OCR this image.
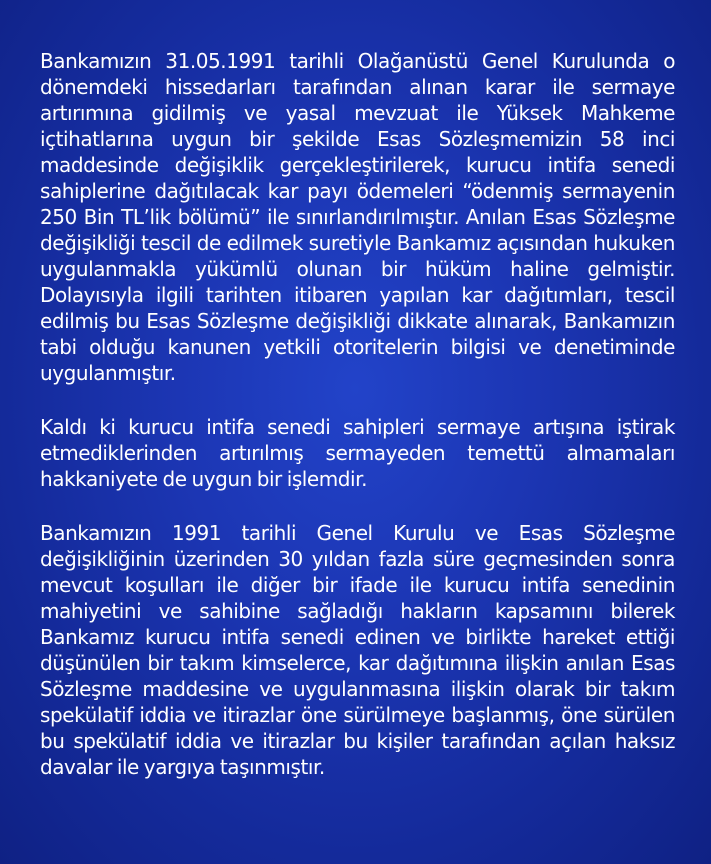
Bankamızın 31.05.1991 tarihli Olağanüstü Genel Kurulunda o dönemdeki hissedarları tarafından alınan karar ile sermaye artırımına gidilmiş ve yasal mevzuat ile Yüksek Mahkeme içtihatlarına uygun bir şekilde Esas Sözleşmemizin 58 inci maddesinde değişiklik gerçekleştirilerek, kurucu intifa senedi sahiplerine dağıtılacak kar payı ödemeleri “ödenmiş sermayenin 250 Bin TL’lik bölümü” ile sınırlandırılmıştır. Anılan Esas Sözleşme değişikliği tescil de edilmek suretiyle Bankamız açısından hukuken uygulanmakla yükümlü olunan bir hüküm haline gelmiştir. Dolayısıyla ilgili tarihten itibaren yapılan kar dağıtımları, tescil edilmiş bu Esas Sözleşme değişikliği dikkate alınarak, Bankamızın tabi olduğu kanunen yetkili otoritelerin bilgisi ve denetiminde uygulanmıştır.

Kaldı ki kurucu intifa senedi sahipleri sermaye artışına iştirak etmediklerinden artırılmış sermayeden temettü almamaları hakkaniyete de uygun bir işlemdir.

Bankamızın 1991 tarihli Genel Kurulu ve Esas Sözleşme değişikliğinin üzerinden 30 yıldan fazla süre geçmesinden sonra mevcut koşulları ile diğer bir ifade ile kurucu intifa senedinin mahiyetini ve sahibine sağladığı hakların kapsamını bilerek Bankamız kurucu intifa senedi edinen ve birlikte hareket ettiği düşünülen bir takım kimselerce, kar dağıtımına ilişkin anılan Esas Sözleşme maddesine ve uygulanmasına ilişkin olarak bir takım spekülatif iddia ve itirazlar öne sürülmeye başlanmış, öne sürülen bu spekülatif iddia ve itirazlar bu kişiler tarafından açılan haksız davalar ile yargıya taşınmıştır.
